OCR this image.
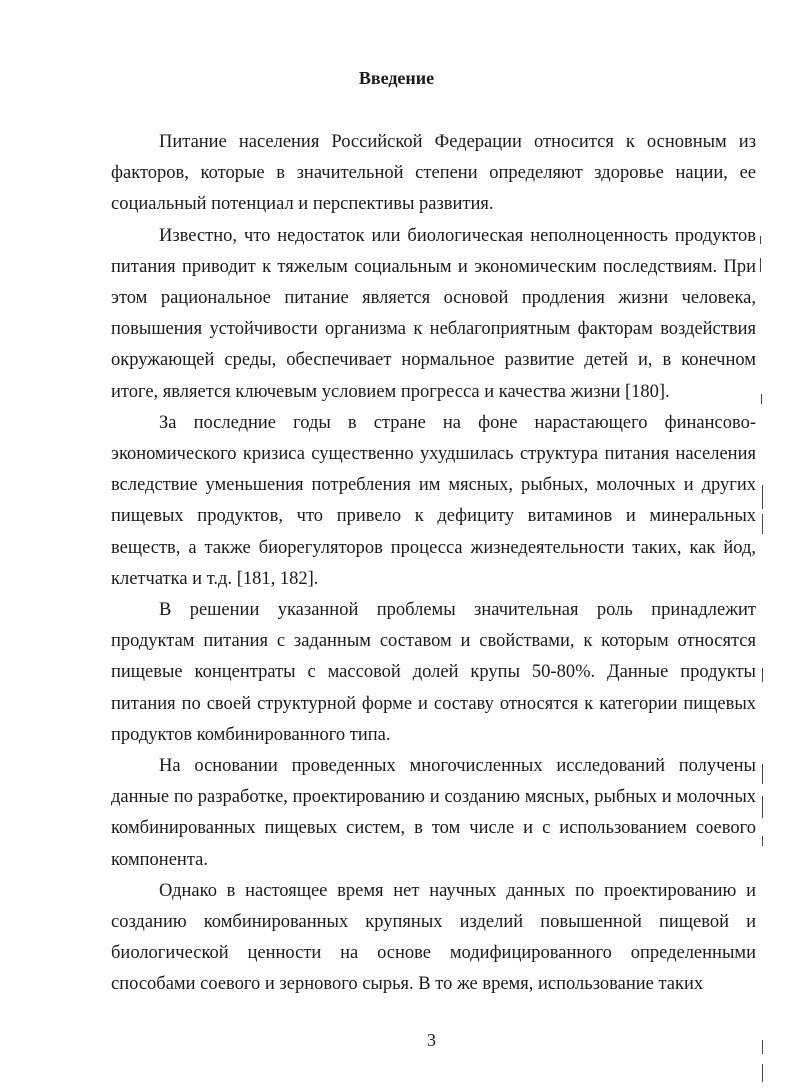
Введение

Питание населения Российской Федерации относится к основным из факторов, которые в значительной степени определяют здоровье нации, ее социальный потенциал и перспективы развития.

Известно, что недостаток или биологическая неполноценность продуктов питания приводит к тяжелым социальным и экономическим последствиям. При этом рациональное питание является основой продления жизни человека, повышения устойчивости организма к неблагоприятным факторам воздействия окружающей среды, обеспечивает нормальное развитие детей и, в конечном итоге, является ключевым условием прогресса и качества жизни [180].

За последние годы в стране на фоне нарастающего финансово-экономического кризиса существенно ухудшилась структура питания населения вследствие уменьшения потребления им мясных, рыбных, молочных и других пищевых продуктов, что привело к дефициту витаминов и минеральных веществ, а также биорегуляторов процесса жизнедеятельности таких, как йод, клетчатка и т.д. [181, 182].

В решении указанной проблемы значительная роль принадлежит продуктам питания с заданным составом и свойствами, к которым относятся пищевые концентраты с массовой долей крупы 50-80%. Данные продукты питания по своей структурной форме и составу относятся к категории пищевых продуктов комбинированного типа.

На основании проведенных многочисленных исследований получены данные по разработке, проектированию и созданию мясных, рыбных и молочных комбинированных пищевых систем, в том числе и с использованием соевого компонента.

Однако в настоящее время нет научных данных по проектированию и созданию комбинированных крупяных изделий повышенной пищевой и биологической ценности на основе модифицированного определенными способами соевого и зернового сырья. В то же время, использование таких

3
